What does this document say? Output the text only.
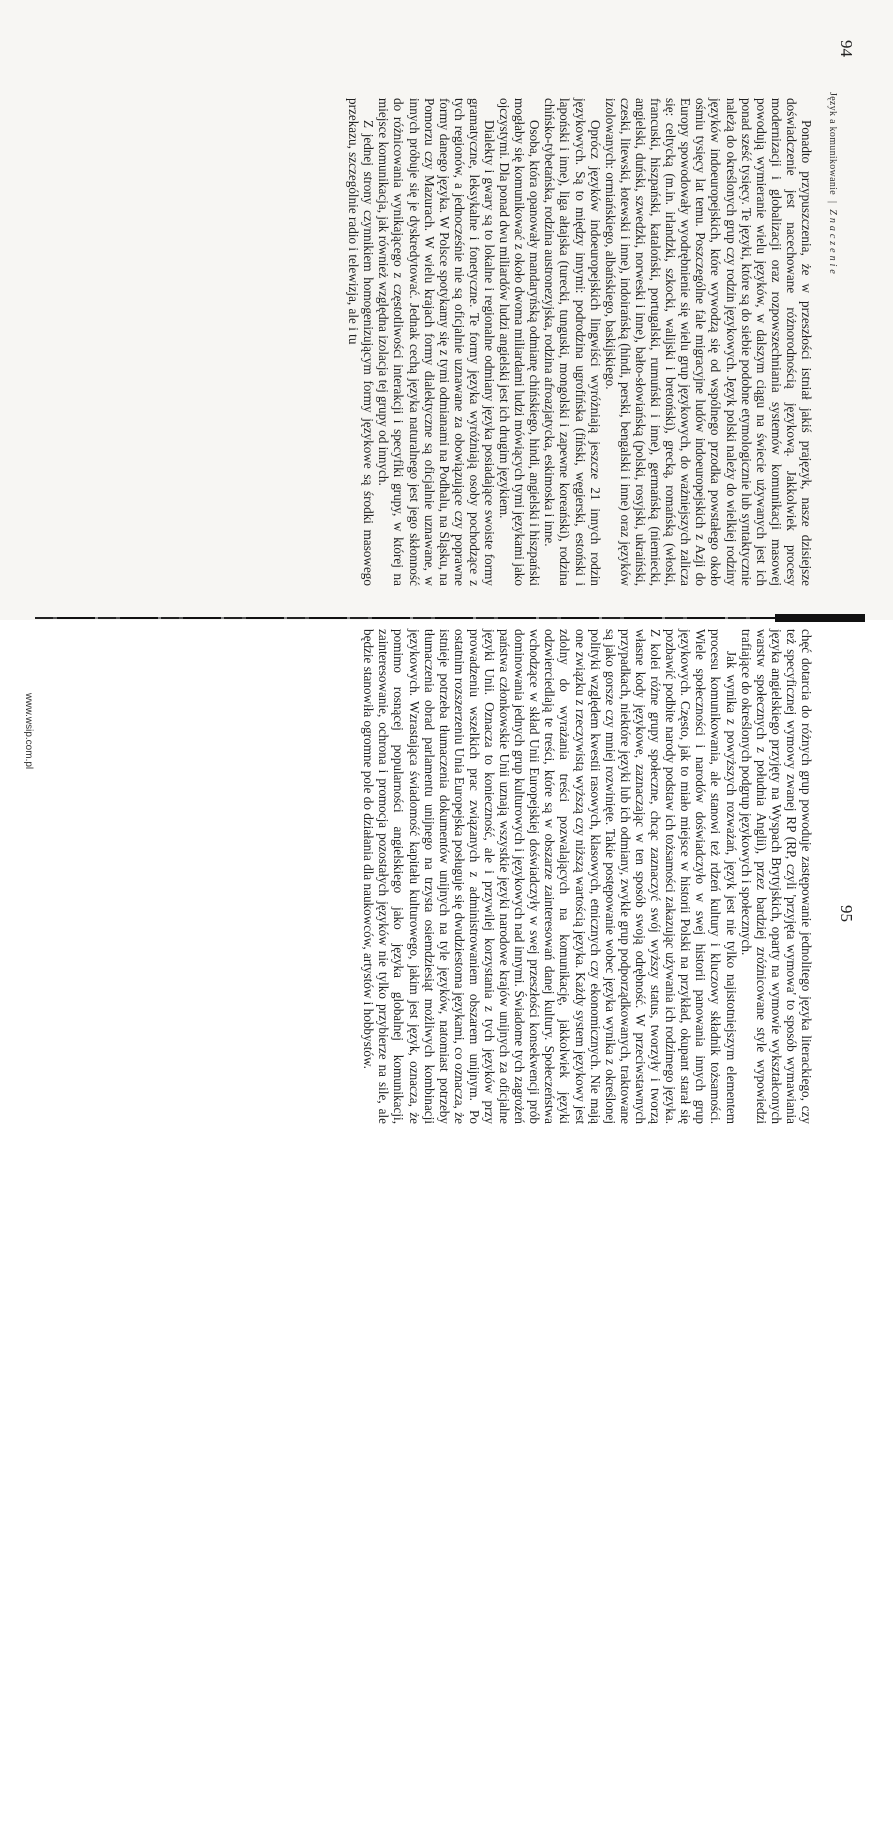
94
Język a komunikowanie|Znaczenie

Ponadto przypuszczenia, że w przeszłości istniał jakiś prajęzyk, nasze dzisiejsze doświadczenie jest nacechowane różnorodnością językową. Jakkolwiek procesy modernizacji i globalizacji oraz rozpowszechniania systemów komunikacji masowej powodują wymieranie wielu języków, w dalszym ciągu na świecie używanych jest ich ponad sześć tysięcy. Te języki, które są do siebie podobne etymologicznie lub syntaktycznie należą do określonych grup czy rodzin językowych. Język polski należy do wielkiej rodziny języków indoeuropejskich, które wywodzą się od wspólnego przodka powstałego około ośmiu tysięcy lat temu. Poszczególne fale migracyjne ludów indoeuropejskich z Azji do Europy spowodowały wyodrębnienie się wielu grup językowych, do ważniejszych zalicza się: celtycką (m.in. irlandzki, szkocki, walijski i bretoński), grecką, romańską (włoski, francuski, hiszpański, kataloński, portugalski, rumuński i inne), germańską (niemiecki, angielski, duński, szwedzki, norweski i inne), bałto-słowiańską (polski, rosyjski, ukraiński, czeski, litewski, łotewski i inne), indoirańską (hindi, perski, bengalski i inne) oraz języków izolowanych: ormiańskiego, albańskiego, baskijskiego.

Oprócz języków indoeuropejskich lingwiści wyróżniają jeszcze 21 innych rodzin językowych. Są to między innymi: podrodzina ugrofińska (fiński, węgierski, estoński i lapoński i inne), liga ałtajska (turecki, tunguski, mongolski i zapewne koreański), rodzina chińsko-tybetańska, rodzina austronezyjska, rodzina afroazjatycka, eskimoska i inne.

Osoba, która opanowały mandaryńską odmianę chińskiego, hindi, angielski i hiszpański mogłaby się komunikować z około dwoma miliardami ludzi mówiących tymi językami jako ojczystymi. Dla ponad dwu miliardów ludzi angielski jest ich drugim językiem.

Dialekty i gwary są to lokalne i regionalne odmiany języka posiadające swoiste formy gramatyczne, leksykalne i fonetyczne. Te formy języka wyróżniają osoby pochodzące z tych regionów, a jednocześnie nie są oficjalnie uznawane za obowiązujące czy poprawne formy danego języka. W Polsce spotykamy się z tymi odmianami na Podhalu, na Śląsku, na Pomorzu czy Mazurach. W wielu krajach formy dialektyczne są oficjalnie uznawane, w innych próbuje się je dyskredytować. Jednak cechą języka naturalnego jest jego skłonność do różnicowania wynikającego z częstotliwości interakcji i specyfiki grupy, w której na miejsce komunikacja, jak również względna izolacja tej grupy od innych.

Z jednej strony czynnikiem homogenizującym formy językowe są środki masowego przekazu, szczególnie radio i telewizja, ale i tu

chęć dotarcia do różnych grup powoduje zastępowanie jednolitego języka literackiego, czy też specyficznej wymowy zwanej RP (RP, czyli 'przyjęta wymowa' to sposób wymawiania języka angielskiego przyjęty na Wyspach Brytyjskich, oparty na wymowie wykształconych warstw społecznych z południa Anglii), przez bardziej zróżnicowane style wypowiedzi trafiające do określonych podgrup językowych i społecznych.

Jak wynika z powyższych rozważań, język jest nie tylko najistotniejszym elementem procesu komunikowania, ale stanowi też rdzeń kultury i kluczowy składnik tożsamości. Wiele społeczności i narodów doświadczyło w swej historii panowania innych grup językowych. Często, jak to miało miejsce w historii Polski na przykład, okupant starał się pozbawić podbite narody podstaw ich tożsamości zakazując używania ich rodzimego języka. Z kolei różne grupy społeczne, chcąc zaznaczyć swój wyższy status, tworzyły i tworzą własne kody językowe, zaznaczając w ten sposób swoją odrębność. W przeciwstawnych przypadkach, niektóre języki lub ich odmiany, zwykle grup podporządkowanych, traktowane są jako gorsze czy mniej rozwinięte. Takie postępowanie wobec języka wynika z określonej polityki względem kwestii rasowych, klasowych, etnicznych czy ekonomicznych. Nie mają one związku z rzeczywistą wyższą czy niższą wartością języka. Każdy system językowy jest zdolny do wyrażania treści pozwalających na komunikację, jakkolwiek języki odzwierciedlają te treści, które są w obszarze zainteresowań danej kultury. Społeczeństwa wchodzące w skład Unii Europejskiej doświadczyły w swej przeszłości konsekwencji prób dominowania jednych grup kulturowych i językowych nad innymi. Świadome tych zagrożeń państwa członkowskie Unii uznają wszystkie języki narodowe krajów unijnych za oficjalne języki Unii. Oznacza to konieczność, ale i przywilej korzystania z tych języków przy prowadzeniu wszelkich prac związanych z administrowaniem obszarem unijnym. Po ostatnim rozszerzeniu Unia Europejska posługuje się dwudziestoma językami, co oznacza, że istnieje potrzeba tłumaczenia dokumentów unijnych na tyle języków, natomiast potrzeby tłumaczenia obrad parlamentu unijnego na trzysta osiemdziesiąt możliwych kombinacji językowych. Wzrastająca świadomość kapitału kulturowego, jakim jest język, oznacza, że pomimo rosnącej popularności angielskiego jako języka globalnej komunikacji, zainteresowanie, ochrona i promocja pozostałych języków nie tylko przybierze na sile, ale będzie stanowiła ogromne pole do działania dla naukowców, artystów i hobbystów.	95
www.wsip.com.pl
